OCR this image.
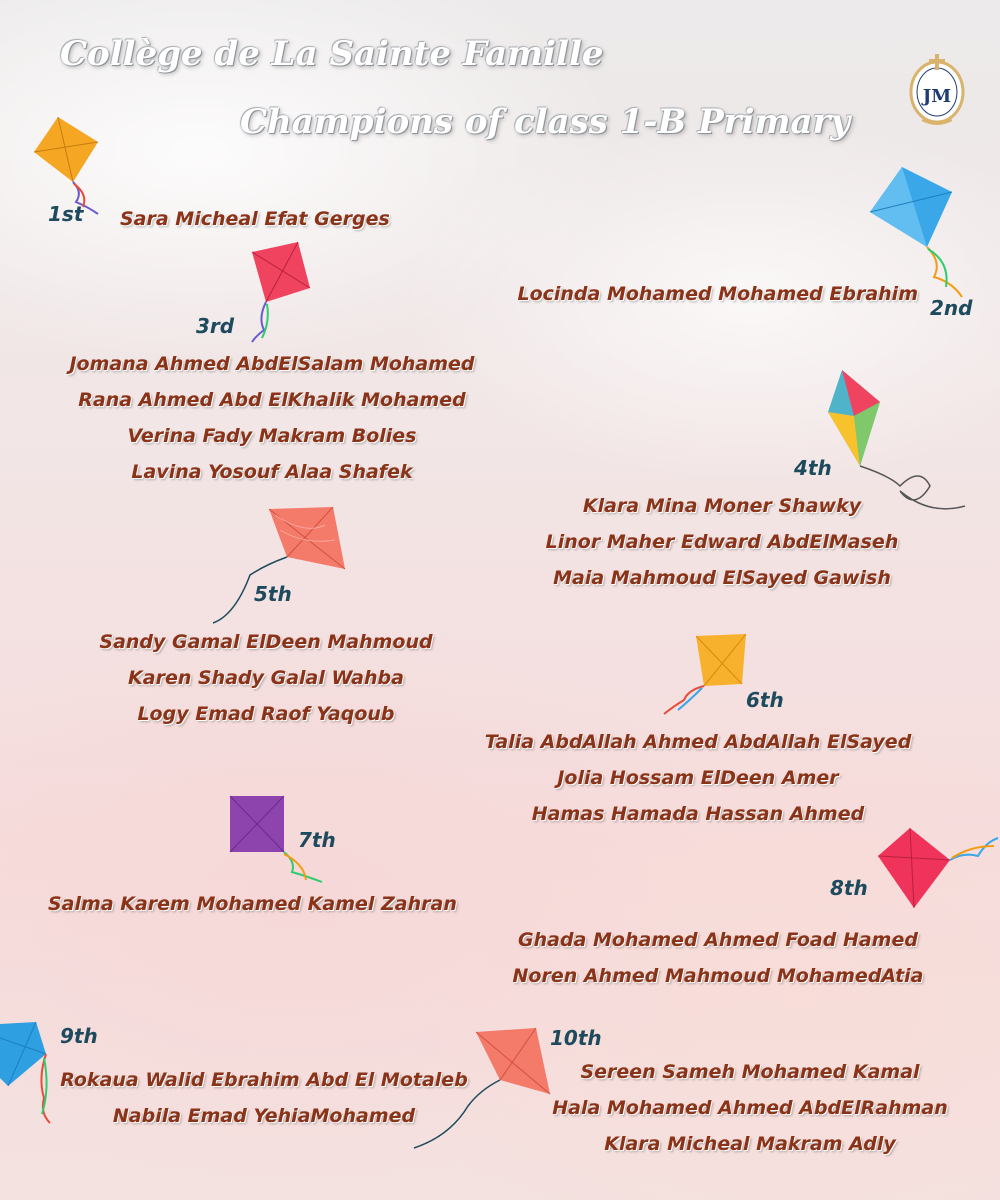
Collège de La Sainte Famille
Champions of class 1-B Primary
JM
1st
2nd
3rd
4th
5th
6th
7th
8th
9th	10th
Sara Micheal Efat Gerges
Locinda Mohamed Mohamed Ebrahim
Jomana Ahmed AbdElSalam Mohamed
Rana Ahmed Abd ElKhalik Mohamed
Verina Fady Makram Bolies
Lavina Yosouf Alaa Shafek
Klara Mina Moner Shawky
Linor Maher Edward AbdElMaseh
Maia Mahmoud ElSayed Gawish
Sandy Gamal ElDeen Mahmoud
Karen Shady Galal Wahba
Logy Emad Raof Yaqoub
Talia AbdAllah Ahmed AbdAllah ElSayed
Jolia Hossam ElDeen Amer
Hamas Hamada Hassan Ahmed
Salma Karem Mohamed Kamel Zahran
Ghada Mohamed Ahmed Foad Hamed
Noren Ahmed Mahmoud MohamedAtia
Rokaua Walid Ebrahim Abd El Motaleb
Nabila Emad YehiaMohamed
Sereen Sameh Mohamed Kamal
Hala Mohamed Ahmed AbdElRahman
Klara Micheal Makram Adly
